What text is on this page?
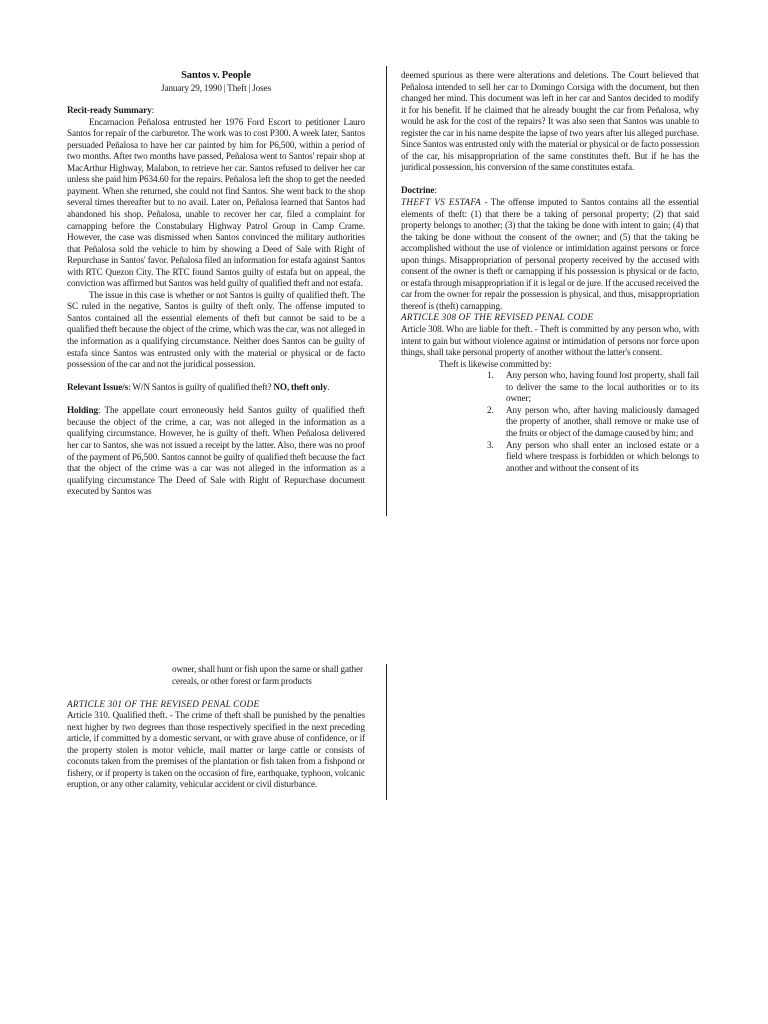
Santos v. People

January 29, 1990 | Theft | Joses

Recit-ready Summary:

Encarnacion Peñalosa entrusted her 1976 Ford Escort to petitioner Lauro Santos for repair of the carburetor. The work was to cost P300. A week later, Santos persuaded Peñalosa to have her car painted by him for P6,500, within a period of two months. After two months have passed, Peñalosa went to Santos' repair shop at MacArthur Highway, Malabon, to retrieve her car. Santos refused to deliver her car unless she paid him P634.60 for the repairs. Peñalosa left the shop to get the needed payment. When she returned, she could not find Santos. She went back to the shop several times thereafter but to no avail. Later on, Peñalosa learned that Santos had abandoned his shop. Peñalosa, unable to recover her car, filed a complaint for carnapping before the Constabulary Highway Patrol Group in Camp Crame. However, the case was dismissed when Santos convinced the military authorities that Peñalosa sold the vehicle to him by showing a Deed of Sale with Right of Repurchase in Santos' favor. Peñalosa filed an information for estafa against Santos with RTC Quezon City. The RTC found Santos guilty of estafa but on appeal, the conviction was affirmed but Santos was held guilty of qualified theft and not estafa.

The issue in this case is whether or not Santos is guilty of qualified theft. The SC ruled in the negative, Santos is guilty of theft only. The offense imputed to Santos contained all the essential elements of theft but cannot be said to be a qualified theft because the object of the crime, which was the car, was not alleged in the information as a qualifying circumstance. Neither does Santos can be guilty of estafa since Santos was entrusted only with the material or physical or de facto possession of the car and not the juridical possession.

Relevant Issue/s: W/N Santos is guilty of qualified theft? NO, theft only.

Holding: The appellate court erroneously held Santos guilty of qualified theft because the object of the crime, a car, was not alleged in the information as a qualifying circumstance. However, he is guilty of theft. When Peñalosa delivered her car to Santos, she was not issued a receipt by the latter. Also, there was no proof of the payment of P6,500. Santos cannot be guilty of qualified theft because the fact that the object of the crime was a car was not alleged in the information as a qualifying circumstance The Deed of Sale with Right of Repurchase document executed by Santos was

deemed spurious as there were alterations and deletions. The Court believed that Peñalosa intended to sell her car to Domingo Corsiga with the document, but then changed her mind. This document was left in her car and Santos decided to modify it for his benefit. If he claimed that he already bought the car from Peñalosa, why would he ask for the cost of the repairs? It was also seen that Santos was unable to register the car in his name despite the lapse of two years after his alleged purchase. Since Santos was entrusted only with the material or physical or de facto possession of the car, his misappropriation of the same constitutes theft. But if he has the juridical possession, his conversion of the same constitutes estafa.

Doctrine:

THEFT VS ESTAFA - The offense imputed to Santos contains all the essential elements of theft: (1) that there be a taking of personal property; (2) that said property belongs to another; (3) that the taking be done with intent to gain; (4) that the taking be done without the consent of the owner; and (5) that the taking be accomplished without the use of violence or intimidation against persons or force upon things. Misappropriation of personal property received by the accused with consent of the owner is theft or carnapping if his possession is physical or de facto, or estafa through misappropriation if it is legal or de jure. If the accused received the car from the owner for repair the possession is physical, and thus, misappropriation thereof is (theft) carnapping.

ARTICLE 308 OF THE REVISED PENAL CODE

Article 308. Who are liable for theft. - Theft is committed by any person who, with intent to gain but without violence against or intimidation of persons nor force upon things, shall take personal property of another without the latter's consent.

Theft is likewise committed by:

1. Any person who, having found lost property, shall fail to deliver the same to the local authorities or to its owner;
2. Any person who, after having maliciously damaged the property of another, shall remove or make use of the fruits or object of the damage caused by him; and
3. Any person who shall enter an inclosed estate or a field where trespass is forbidden or which belongs to another and without the consent of its

owner, shall hunt or fish upon the same or shall gather cereals, or other forest or farm products

ARTICLE 301 OF THE REVISED PENAL CODE

Article 310. Qualified theft. - The crime of theft shall be punished by the penalties next higher by two degrees than those respectively specified in the next preceding article, if committed by a domestic servant, or with grave abuse of confidence, or if the property stolen is motor vehicle, mail matter or large cattle or consists of coconuts taken from the premises of the plantation or fish taken from a fishpond or fishery, or if property is taken on the occasion of fire, earthquake, typhoon, volcanic eruption, or any other calamity, vehicular accident or civil disturbance.
